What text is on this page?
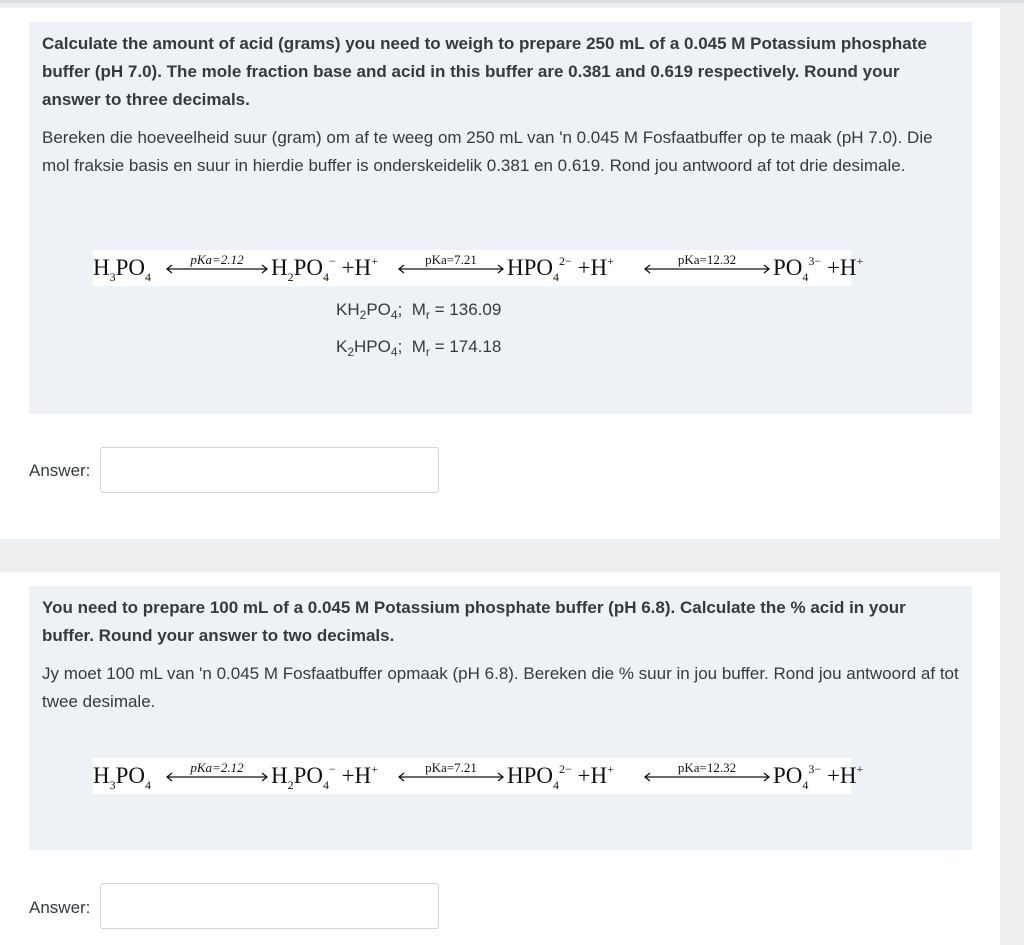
Calculate the amount of acid (grams) you need to weigh to prepare 250 mL of a 0.045 M Potassium phosphate buffer (pH 7.0). The mole fraction base and acid in this buffer are 0.381 and 0.619 respectively. Round your answer to three decimals.

Bereken die hoeveelheid suur (gram) om af te weeg om 250 mL van 'n 0.045 M Fosfaatbuffer op te maak (pH 7.0). Die mol fraksie basis en suur in hierdie buffer is onderskeidelik 0.381 en 0.619. Rond jou antwoord af tot drie desimale.

$H_3PO_4$
pKa=2.12	$H_2PO_4^- +H^+$	pKa=7.21	$HPO_4^{2-} +H^+$	pKa=12.32	$PO_4^{3-} +H^+$
$KH_2PO_4$; $M_r = 136.09$
$K_2HPO_4$; $M_r = 174.18$
Answer:

You need to prepare 100 mL of a 0.045 M Potassium phosphate buffer (pH 6.8). Calculate the % acid in your buffer. Round your answer to two decimals.

Jy moet 100 mL van 'n 0.045 M Fosfaatbuffer opmaak (pH 6.8). Bereken die % suur in jou buffer. Rond jou antwoord af tot twee desimale.

$H_3PO_4$
pKa=2.12	$H_2PO_4^- +H^+$	pKa=7.21	$HPO_4^{2-} +H^+$	pKa=12.32	$PO_4^{3-} +H^+$
Answer:
